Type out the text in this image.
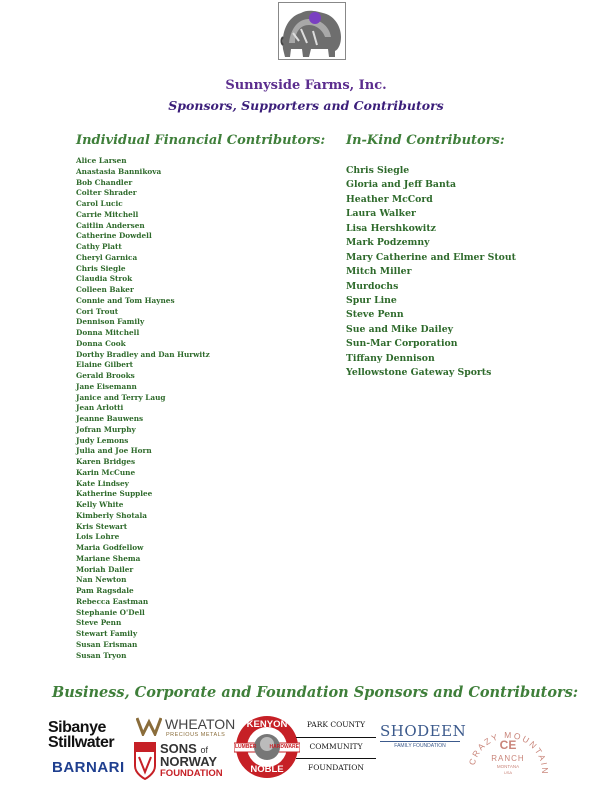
Sunnyside Farms, Inc.
Sponsors, Supporters and Contributors
Individual Financial Contributors:
Alice Larsen
Anastasia Bannikova
Bob Chandler
Colter Shrader
Carol Lucic
Carrie Mitchell
Caitlin Andersen
Catherine Dowdell
Cathy Platt
Cheryl Garnica
Chris Siegle
Claudia Strok
Colleen Baker
Connie and Tom Haynes
Cori Trout
Dennison Family
Donna Mitchell
Donna Cook
Dorthy Bradley and Dan Hurwitz
Elaine Gilbert
Gerald Brooks
Jane Eisemann
Janice and Terry Laug
Jean Arlotti
Jeanne Bauwens
Jofran Murphy
Judy Lemons
Julia and Joe Horn
Karen Bridges
Karin McCune
Kate Lindsey
Katherine Supplee
Kelly White
Kimberly Shotala
Kris Stewart
Lois Lohre
Maria Godfellow
Mariane Shema
Moriah Dailer
Nan Newton
Pam Ragsdale
Rebecca Eastman
Stephanie O'Dell
Steve Penn
Stewart Family
Susan Erisman
Susan Tryon
In-Kind Contributors:
Chris Siegle
Gloria and Jeff Banta
Heather McCord
Laura Walker
Lisa Hershkowitz
Mark Podzemny
Mary Catherine and Elmer Stout
Mitch Miller
Murdochs
Spur Line
Steve Penn
Sue and Mike Dailey
Sun-Mar Corporation
Tiffany Dennison
Yellowstone Gateway Sports
Business, Corporate and Foundation Sponsors and Contributors:
Sibanye
Stillwater
BARNARI
WHEATON
PRECIOUS METALS
SONS of
NORWAY
FOUNDATION
KENYON
NOBLE
LUMBER	HARDWARE
PARK COUNTY
COMMUNITY
FOUNDATION
SHODEEN
FAMILY FOUNDATION
CRAZY MOUNTAIN
CE
RANCH
MONTANA
USA
